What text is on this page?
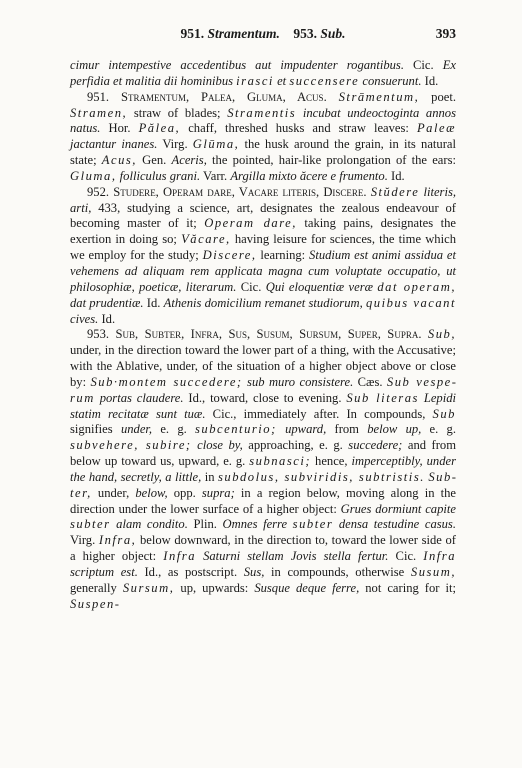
951. Stramentum. 953. Sub.	393

cimur intempestive accedentibus aut impudenter rogantibus. Cic. Ex perfidia et malitia dii hominibus irasci et succensere consuerunt. Id.

951. Stramentum, Palea, Gluma, Acus. Strāmentum, poet. Stramen, straw of blades; Stramentis incubat undeoctoginta annos natus. Hor. Pălea, chaff, threshed husks and straw leaves: Paleæ jactantur inanes. Virg. Glūma, the husk around the grain, in its natural state; Acus, Gen. Aceris, the pointed, hair-like prolongation of the ears: Gluma, folliculus grani. Varr. Argilla mixto ăcere e frumento. Id.

952. Studere, Operam dare, Vacare literis, Discere. Stŭdere literis, arti, 433, studying a science, art, designates the zealous endeavour of becoming master of it; Operam dare, taking pains, designates the exertion in doing so; Văcare, having leisure for sciences, the time which we employ for the study; Discere, learning: Studium est animi assidua et vehemens ad aliquam rem applicata magna cum voluptate occupatio, ut philosophiæ, poeticæ, literarum. Cic. Qui eloquentiæ veræ dat operam, dat prudentiæ. Id. Athenis domicilium remanet studiorum, quibus vacant cives. Id.

953. Sub, Subter, Infra, Sus, Susum, Sursum, Super, Supra. Sub, under, in the direction toward the lower part of a thing, with the Accusative; with the Ablative, under, of the situation of a higher object above or close by: Sub·montem succedere; sub muro consistere. Cæs. Sub vesperum portas claudere. Id., toward, close to evening. Sub literas Lepidi statim recitatæ sunt tuæ. Cic., immediately after. In compounds, Sub signifies under, e. g. subcenturio; upward, from below up, e. g. subvehere, subire; close by, approaching, e. g. succedere; and from below up toward us, upward, e. g. subnasci; hence, imperceptibly, under the hand, secretly, a little, in subdolus, subviridis, subtristis. Subter, under, below, opp. supra; in a region below, moving along in the direction under the lower surface of a higher object: Grues dormiunt capite subter alam condito. Plin. Omnes ferre subter densa testudine casus. Virg. Infra, below downward, in the direction to, toward the lower side of a higher object: Infra Saturni stellam Jovis stella fertur. Cic. Infra scriptum est. Id., as postscript. Sus, in compounds, otherwise Susum, generally Sursum, up, upwards: Susque deque ferre, not caring for it; Suspen-
